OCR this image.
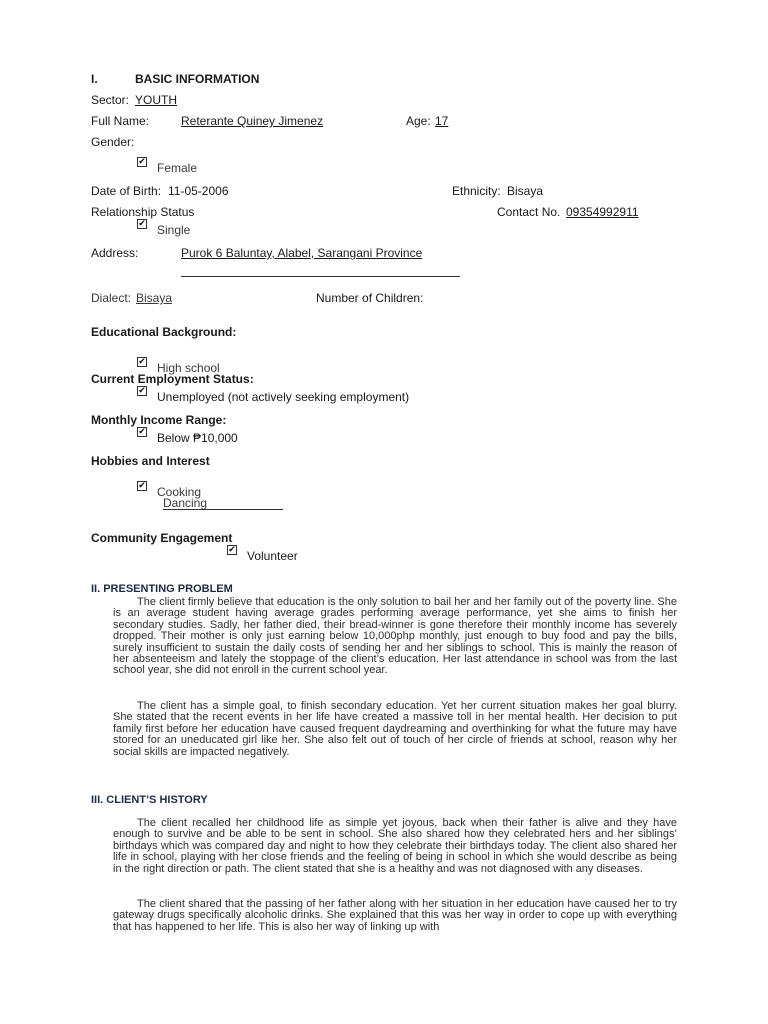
I.	BASIC INFORMATION
Sector: YOUTH
Full Name:	Reterante Quiney Jimenez	Age: 17
Gender:
✔
Female
Date of Birth: 11-05-2006	Ethnicity: Bisaya
Relationship Status	Contact No. 09354992911
✔
Single
Address:	Purok 6 Baluntay, Alabel, Sarangani Province
Dialect: Bisaya	Number of Children:
Educational Background:
✔
High school
Current Employment Status:
✔
Unemployed (not actively seeking employment)
Monthly Income Range:
✔
Below ₱10,000
Hobbies and Interest
✔
Cooking
Dancing
Community Engagement
✔
Volunteer
II. PRESENTING PROBLEM
The client firmly believe that education is the only solution to bail her and her family out of the poverty line. She is an average student having average grades performing average performance, yet she aims to finish her secondary studies. Sadly, her father died, their bread-winner is gone therefore their monthly income has severely dropped. Their mother is only just earning below 10,000php monthly, just enough to buy food and pay the bills, surely insufficient to sustain the daily costs of sending her and her siblings to school. This is mainly the reason of her absenteeism and lately the stoppage of the client’s education. Her last attendance in school was from the last school year, she did not enroll in the current school year.
The client has a simple goal, to finish secondary education. Yet her current situation makes her goal blurry. She stated that the recent events in her life have created a massive toll in her mental health. Her decision to put family first before her education have caused frequent daydreaming and overthinking for what the future may have stored for an uneducated girl like her. She also felt out of touch of her circle of friends at school, reason why her social skills are impacted negatively.
III. CLIENT’S HISTORY
The client recalled her childhood life as simple yet joyous, back when their father is alive and they have enough to survive and be able to be sent in school. She also shared how they celebrated hers and her siblings’ birthdays which was compared day and night to how they celebrate their birthdays today. The client also shared her life in school, playing with her close friends and the feeling of being in school in which she would describe as being in the right direction or path. The client stated that she is a healthy and was not diagnosed with any diseases.
The client shared that the passing of her father along with her situation in her education have caused her to try gateway drugs specifically alcoholic drinks. She explained that this was her way in order to cope up with everything that has happened to her life. This is also her way of linking up with
